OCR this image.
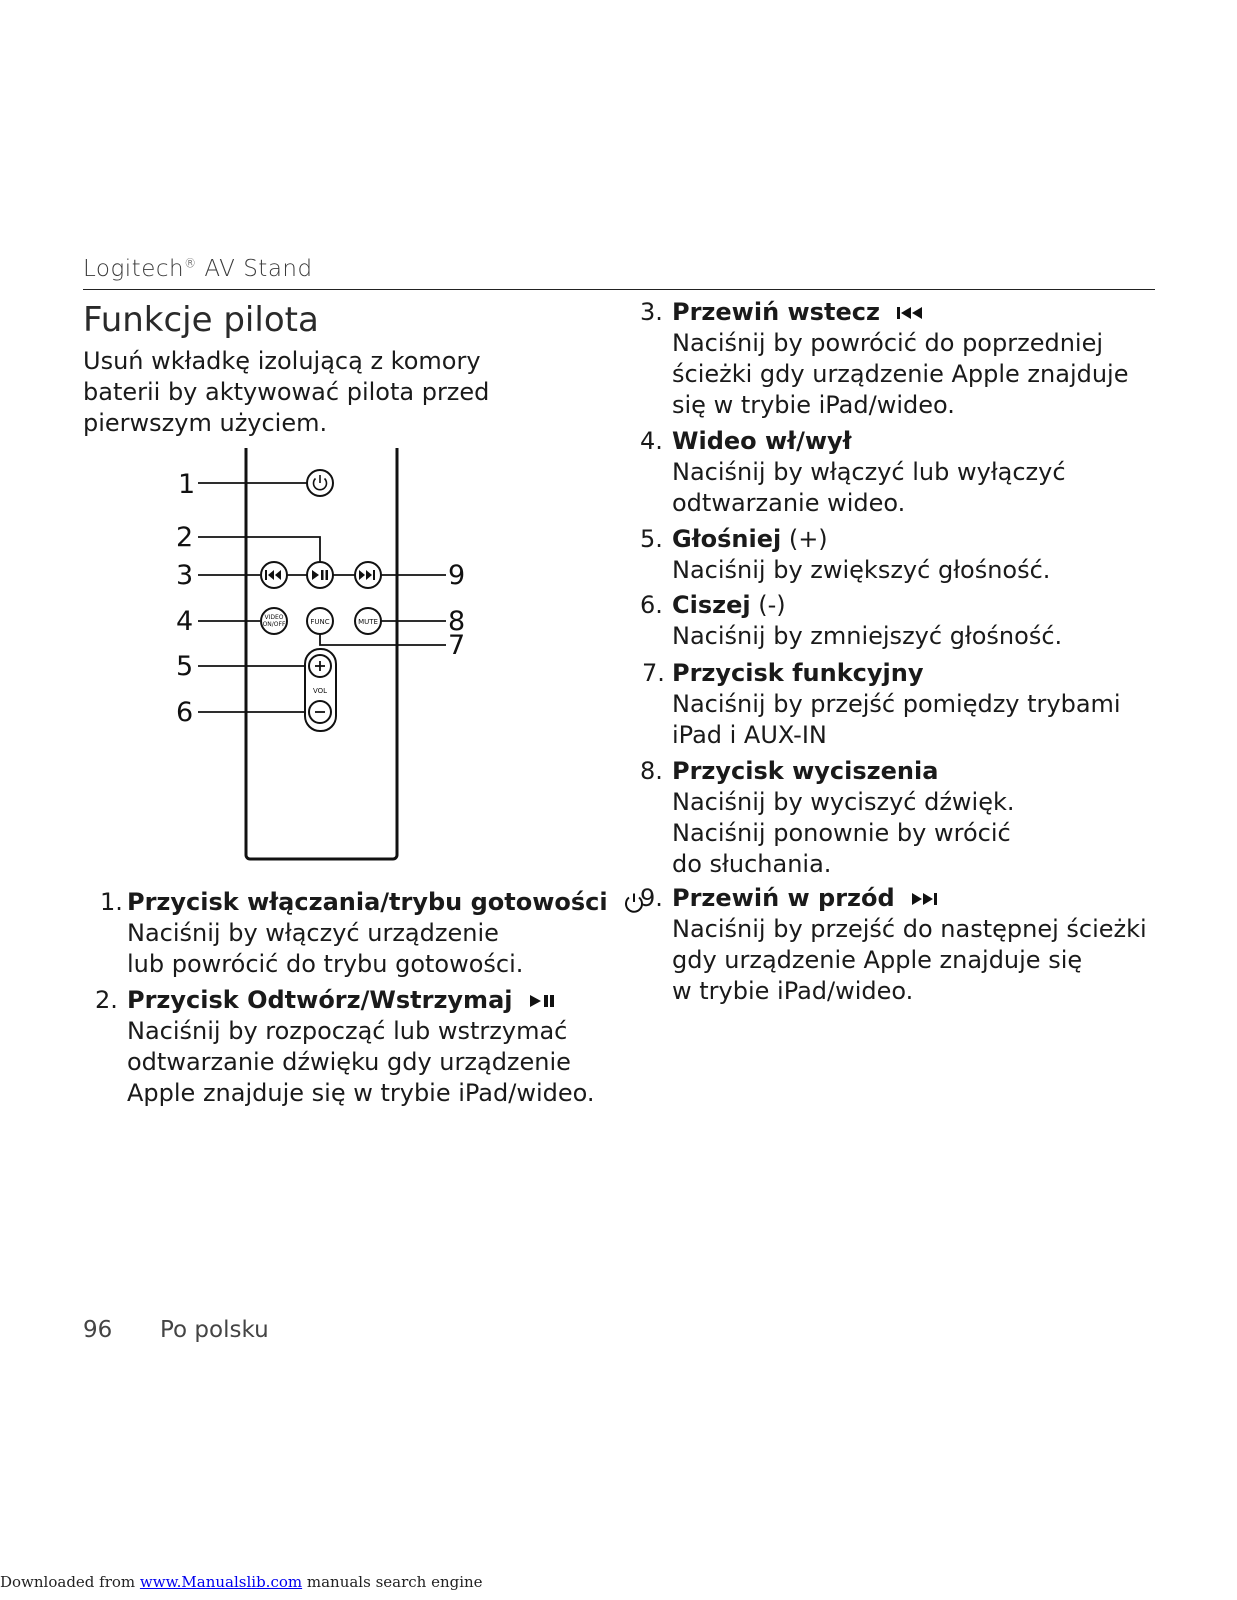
Logitech® AV Stand
Funkcje pilota
Usuń wkładkę izolującą z komory
baterii by aktywować pilota przed
pierwszym użyciem.
1
2
3
4
5
6
9
8
7
VIDEO
ON/OFF	FUNC	MUTE
VOL
1. Przycisk włączania/trybu gotowości
Naciśnij by włączyć urządzenie
lub powrócić do trybu gotowości.
2. Przycisk Odtwórz/Wstrzymaj
Naciśnij by rozpocząć lub wstrzymać
odtwarzanie dźwięku gdy urządzenie
Apple znajduje się w trybie iPad/wideo.
3. Przewiń wstecz
Naciśnij by powrócić do poprzedniej
ścieżki gdy urządzenie Apple znajduje
się w trybie iPad/wideo.
4. Wideo wł/wył
Naciśnij by włączyć lub wyłączyć
odtwarzanie wideo.
5. Głośniej (+)
Naciśnij by zwiększyć głośność.
6. Ciszej (-)
Naciśnij by zmniejszyć głośność.
7. Przycisk funkcyjny
Naciśnij by przejść pomiędzy trybami
iPad i AUX-IN
8. Przycisk wyciszenia
Naciśnij by wyciszyć dźwięk.
Naciśnij ponownie by wrócić
do słuchania.
9. Przewiń w przód
Naciśnij by przejść do następnej ścieżki
gdy urządzenie Apple znajduje się
w trybie iPad/wideo.
96 Po polsku
Downloaded from www.Manualslib.com manuals search engine
